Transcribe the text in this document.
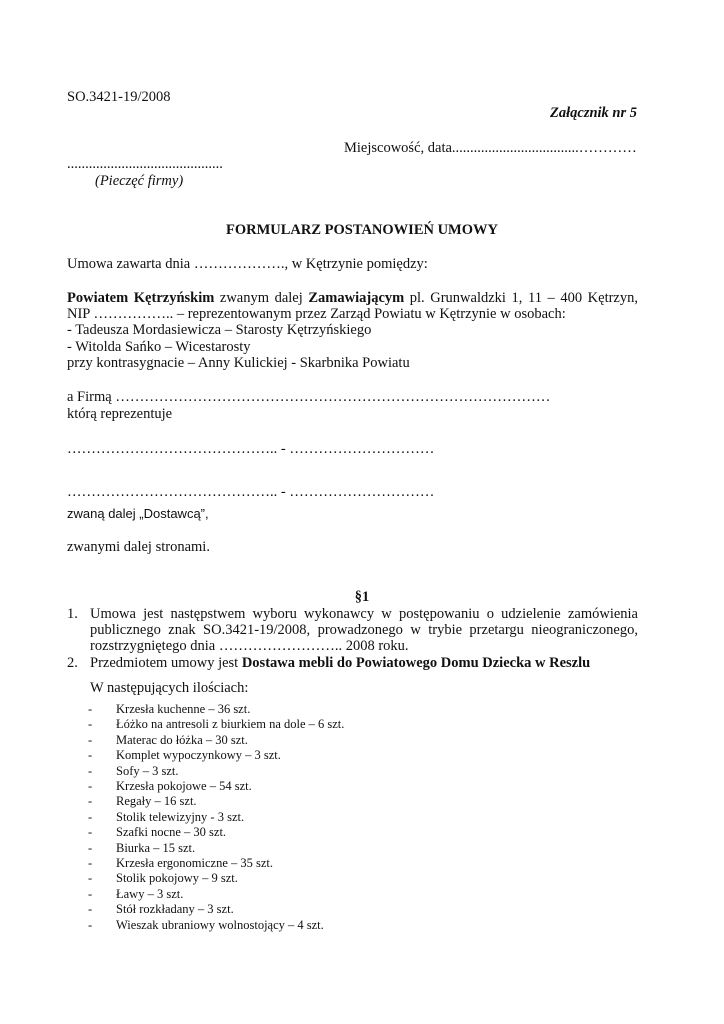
SO.3421-19/2008
Załącznik nr 5
Miejscowość, data...................................…………
...........................................
(Pieczęć firmy)
FORMULARZ POSTANOWIEŃ UMOWY
Umowa zawarta dnia ………………., w Kętrzynie pomiędzy:
Powiatem Kętrzyńskim zwanym dalej Zamawiającym pl. Grunwaldzki 1, 11 – 400 Kętrzyn,
NIP …………….. – reprezentowanym przez Zarząd Powiatu w Kętrzynie w osobach:
- Tadeusza Mordasiewicza – Starosty Kętrzyńskiego
- Witolda Sańko – Wicestarosty
przy kontrasygnacie – Anny Kulickiej - Skarbnika Powiatu
a Firmą ………………………………………………………………………………
którą reprezentuje
…………………………………….. - …………………………
…………………………………….. - …………………………
zwaną dalej „Dostawcą”,
zwanymi dalej stronami.
§1
1. Umowa jest następstwem wyboru wykonawcy w postępowaniu o udzielenie zamówienia
publicznego znak SO.3421-19/2008, prowadzonego w trybie przetargu nieograniczonego,
rozstrzygniętego dnia …………………….. 2008 roku.
2. Przedmiotem umowy jest Dostawa mebli do Powiatowego Domu Dziecka w Reszlu
W następujących ilościach:
- Krzesła kuchenne – 36 szt.
- Łóżko na antresoli z biurkiem na dole – 6 szt.
- Materac do łóżka – 30 szt.
- Komplet wypoczynkowy – 3 szt.
- Sofy – 3 szt.
- Krzesła pokojowe – 54 szt.
- Regały – 16 szt.
- Stolik telewizyjny - 3 szt.
- Szafki nocne – 30 szt.
- Biurka – 15 szt.
- Krzesła ergonomiczne – 35 szt.
- Stolik pokojowy – 9 szt.
- Ławy – 3 szt.
- Stół rozkładany – 3 szt.
- Wieszak ubraniowy wolnostojący – 4 szt.
